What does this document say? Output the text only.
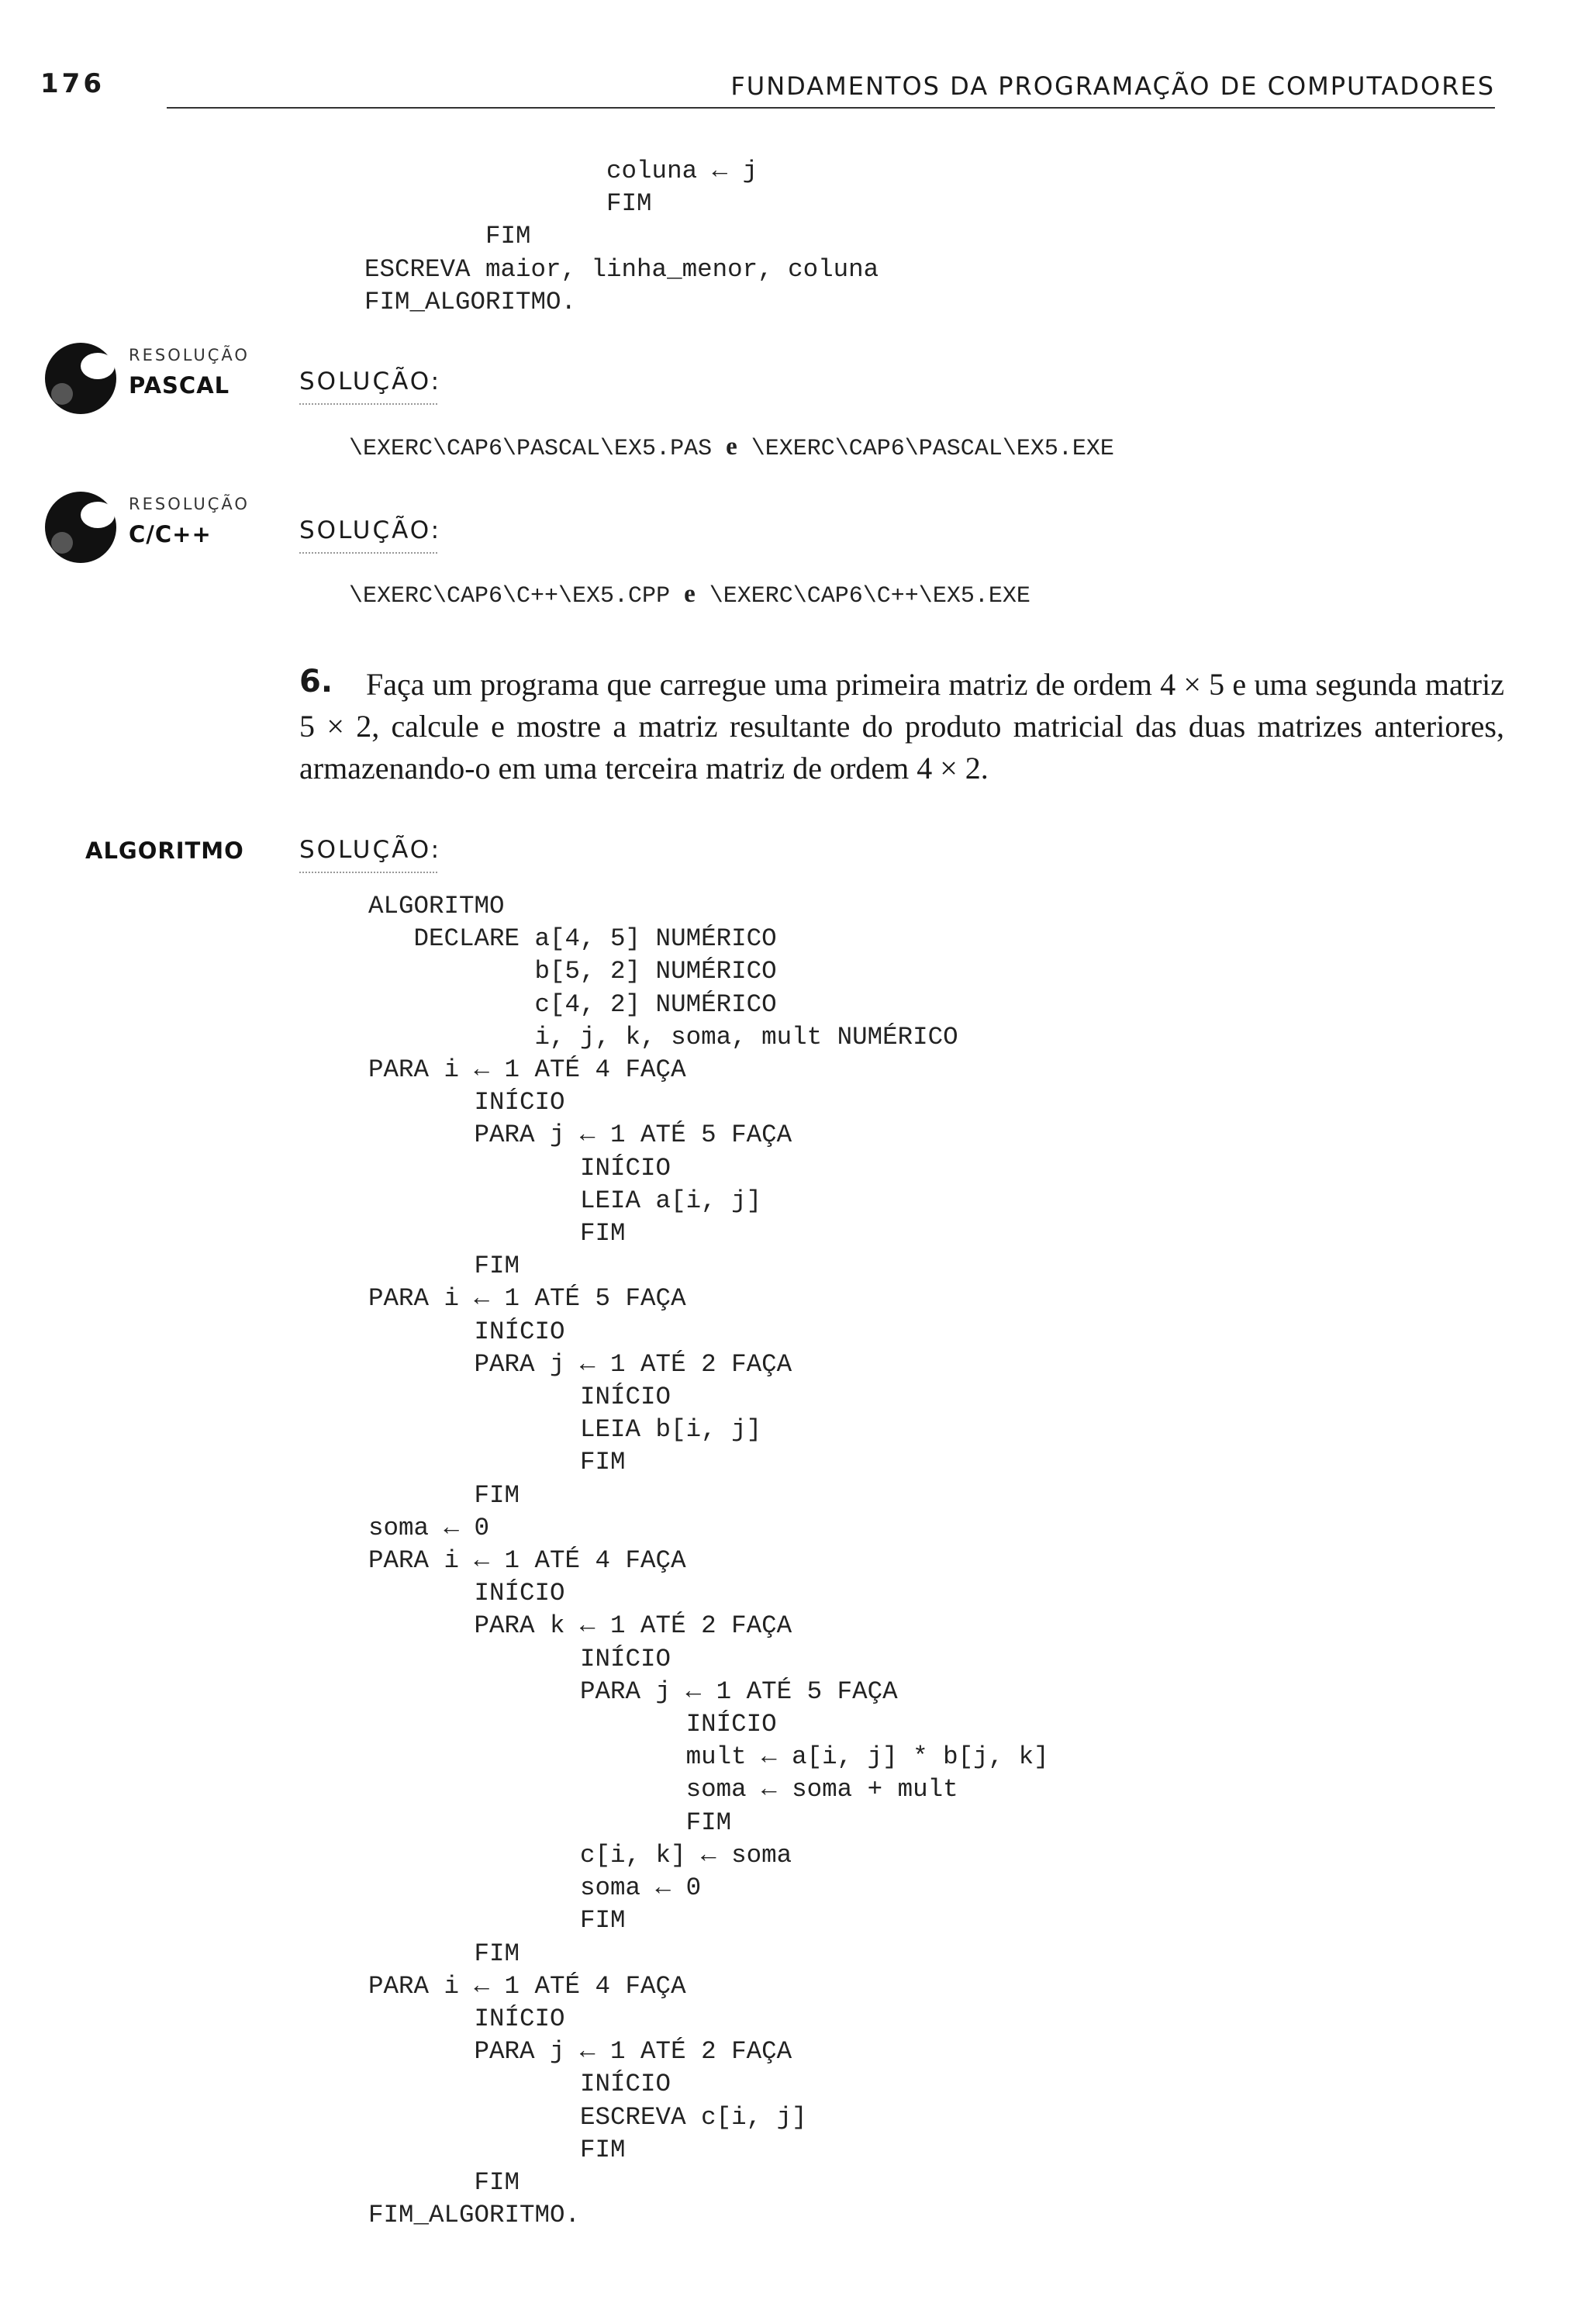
176	FUNDAMENTOS DA PROGRAMAÇÃO DE COMPUTADORES
coluna ← j
FIM
FIM
ESCREVA maior, linha_menor, coluna
FIM_ALGORITMO.
RESOLUÇÃO
PASCAL	SOLUÇÃO:
\EXERC\CAP6\PASCAL\EX5.PAS e \EXERC\CAP6\PASCAL\EX5.EXE
RESOLUÇÃO
C/C++	SOLUÇÃO:
\EXERC\CAP6\C++\EX5.CPP e \EXERC\CAP6\C++\EX5.EXE
Faça um programa que carregue uma primeira matriz de ordem 4 × 5 e uma segunda matriz 5 × 2, calcule e mostre a matriz resultante do produto matricial das duas matrizes anteriores, armazenando-o em uma terceira matriz de ordem 4 × 2.
6.
ALGORITMO SOLUÇÃO:
ALGORITMO
DECLARE a[4, 5] NUMÉRICO
b[5, 2] NUMÉRICO
c[4, 2] NUMÉRICO
i, j, k, soma, mult NUMÉRICO
PARA i ← 1 ATÉ 4 FAÇA
INÍCIO
PARA j ← 1 ATÉ 5 FAÇA
INÍCIO
LEIA a[i, j]
FIM
FIM
PARA i ← 1 ATÉ 5 FAÇA
INÍCIO
PARA j ← 1 ATÉ 2 FAÇA
INÍCIO
LEIA b[i, j]
FIM
FIM
soma ← 0
PARA i ← 1 ATÉ 4 FAÇA
INÍCIO
PARA k ← 1 ATÉ 2 FAÇA
INÍCIO
PARA j ← 1 ATÉ 5 FAÇA
INÍCIO
mult ← a[i, j] * b[j, k]
soma ← soma + mult
FIM
c[i, k] ← soma
soma ← 0
FIM
FIM
PARA i ← 1 ATÉ 4 FAÇA
INÍCIO
PARA j ← 1 ATÉ 2 FAÇA
INÍCIO
ESCREVA c[i, j]
FIM
FIM
FIM_ALGORITMO.
